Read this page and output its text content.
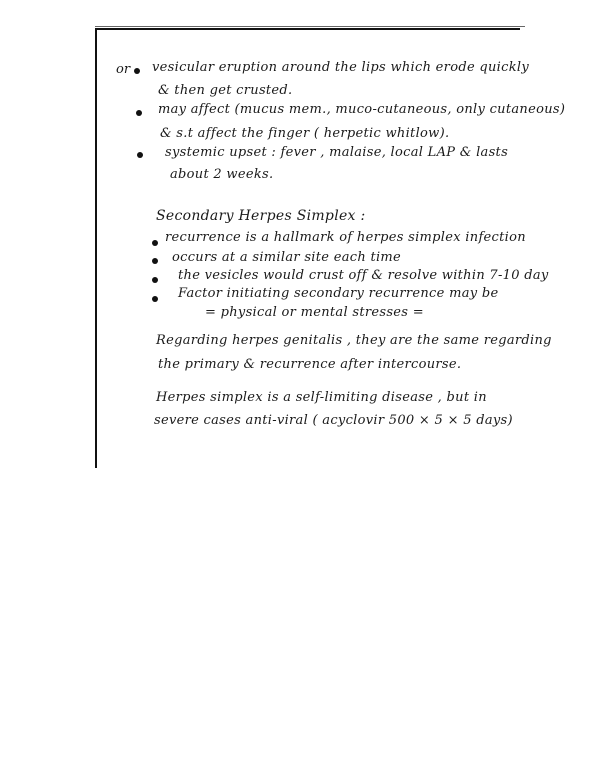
or vesicular eruption around the lips which erode quickly
& then get crusted.
may affect (mucus mem., muco-cutaneous, only cutaneous)
& s.t affect the finger ( herpetic whitlow).
systemic upset : fever , malaise, local LAP & lasts
about 2 weeks.
Secondary Herpes Simplex :
recurrence is a hallmark of herpes simplex infection
occurs at a similar site each time
the vesicles would crust off & resolve within 7-10 day
Factor initiating secondary recurrence may be
= physical or mental stresses =
Regarding herpes genitalis , they are the same regarding
the primary & recurrence after intercourse.
Herpes simplex is a self-limiting disease , but in
severe cases anti-viral ( acyclovir 500 × 5 × 5 days)
